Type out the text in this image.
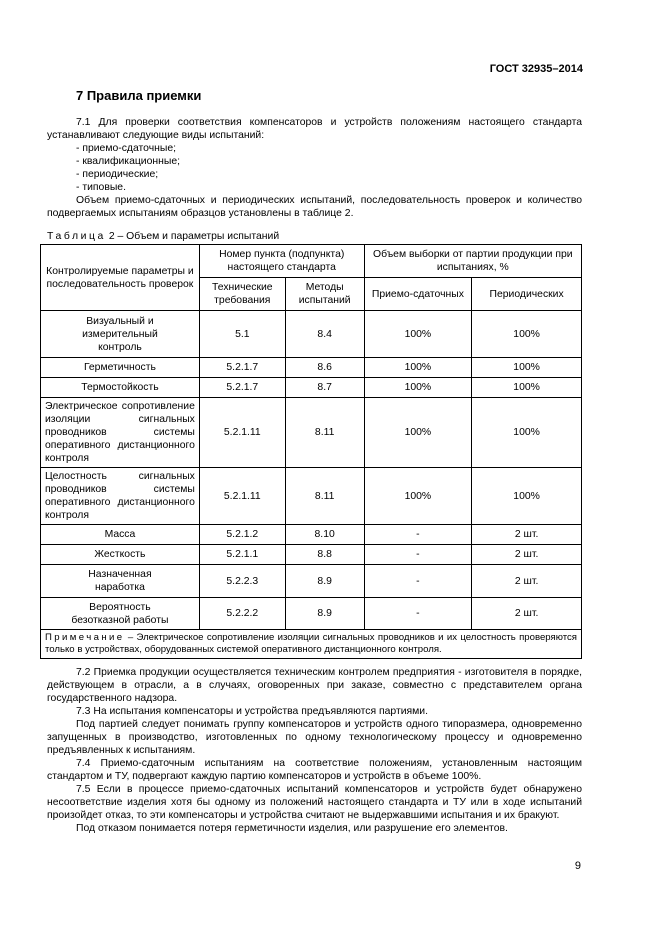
ГОСТ 32935–2014
7 Правила приемки

7.1 Для проверки соответствия компенсаторов и устройств положениям настоящего стандарта устанавливают следующие виды испытаний:

- приемо-сдаточные;
- квалификационные;
- периодические;
- типовые.

Объем приемо-сдаточных и периодических испытаний, последовательность проверок и количество подвергаемых испытаниям образцов установлены в таблице 2.

Таблица 2 – Объем и параметры испытаний
Контролируемые параметры и последовательность проверок	Номер пункта (подпункта) настоящего стандарта		Объем выборки от партии продукции при испытаниях, %	
	Технические требования	Методы испытаний	Приемо-сдаточных	Периодических
Визуальный и измерительный контроль	5.1	8.4	100%	100%
Герметичность	5.2.1.7	8.6	100%	100%
Термостойкость	5.2.1.7	8.7	100%	100%
Электрическое сопротивление изоляции сигнальных проводников системы оперативного дистанционного контроля	5.2.1.11	8.11	100%	100%
Целостность сигнальных проводников системы оперативного дистанционного контроля	5.2.1.11	8.11	100%	100%
Масса	5.2.1.2	8.10	-	2 шт.
Жесткость	5.2.1.1	8.8	-	2 шт.
Назначенная наработка	5.2.2.3	8.9	-	2 шт.
Вероятность безотказной работы	5.2.2.2	8.9	-	2 шт.
Примечание – Электрическое сопротивление изоляции сигнальных проводников и их целостность проверяются только в устройствах, оборудованных системой оперативного дистанционного контроля.				

7.2 Приемка продукции осуществляется техническим контролем предприятия - изготовителя в порядке, действующем в отрасли, а в случаях, оговоренных при заказе, совместно с представителем органа государственного надзора.

7.3 На испытания компенсаторы и устройства предъявляются партиями.

Под партией следует понимать группу компенсаторов и устройств одного типоразмера, одновременно запущенных в производство, изготовленных по одному технологическому процессу и одновременно предъявленных к испытаниям.

7.4 Приемо-сдаточным испытаниям на соответствие положениям, установленным настоящим стандартом и ТУ, подвергают каждую партию компенсаторов и устройств в объеме 100%.

7.5 Если в процессе приемо-сдаточных испытаний компенсаторов и устройств будет обнаружено несоответствие изделия хотя бы одному из положений настоящего стандарта и ТУ или в ходе испытаний произойдет отказ, то эти компенсаторы и устройства считают не выдержавшими испытания и их бракуют.

Под отказом понимается потеря герметичности изделия, или разрушение его элементов.

9
